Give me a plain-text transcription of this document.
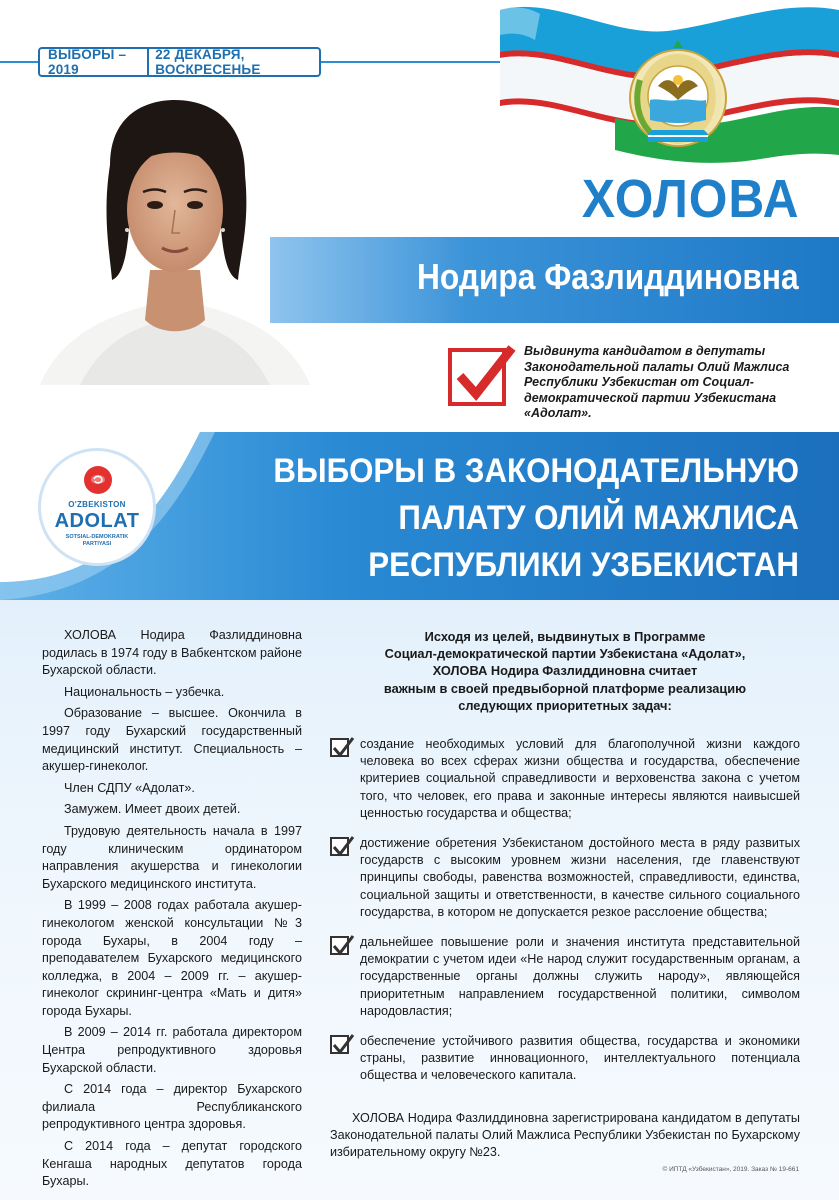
ВЫБОРЫ – 2019
22 ДЕКАБРЯ, ВОСКРЕСЕНЬЕ
ХОЛОВА
Нодира Фазлиддиновна
Выдвинута кандидатом в депутаты
Законодательной палаты Олий Мажлиса
Республики Узбекистан от Социал-
демократической партии Узбекистана
«Адолат».
ВЫБОРЫ В ЗАКОНОДАТЕЛЬНУЮ
ПАЛАТУ ОЛИЙ МАЖЛИСА
РЕСПУБЛИКИ УЗБЕКИСТАН
O'ZBEKISTON
ADOLAT
SOTSIAL-DEMOKRATIK
PARTIYASI

ХОЛОВА Нодира Фазлиддиновна родилась в 1974 году в Вабкентском районе Бухарской области.

Национальность – узбечка.

Образование – высшее. Окончила в 1997 году Бухарский государственный медицинский институт. Специальность – акушер-гинеколог.

Член СДПУ «Адолат».

Замужем. Имеет двоих детей.

Трудовую деятельность начала в 1997 году клиническим ординатором направления акушерства и гинекологии Бухарского медицинского института.

В 1999 – 2008 годах работала акушер-гинекологом женской консультации №3 города Бухары, в 2004 году – преподавателем Бухарского медицинского колледжа, в 2004 – 2009 гг. – акушер-гинеколог скрининг-центра «Мать и дитя» города Бухары.

В 2009 – 2014 гг. работала директором Центра репродуктивного здоровья Бухарской области.

С 2014 года – директор Бухарского филиала Республиканского репродуктивного центра здоровья.

С 2014 года – депутат городского Кенгаша народных депутатов города Бухары.

Исходя из целей, выдвинутых в Программе
Социал-демократической партии Узбекистана «Адолат»,
ХОЛОВА Нодира Фазлиддиновна считает
важным в своей предвыборной платформе реализацию
следующих приоритетных задач:
создание необходимых условий для благополучной жизни каждого человека во всех сферах жизни общества и государства, обеспечение критериев социальной справедливости и верховенства закона с учетом того, что человек, его права и законные интересы являются наивысшей ценностью государства и общества;
достижение обретения Узбекистаном достойного места в ряду развитых государств с высоким уровнем жизни населения, где главенствуют принципы свободы, равенства возможностей, справедливости, единства, социальной защиты и ответственности, в качестве сильного социального государства, в котором не допускается резкое расслоение общества;
дальнейшее повышение роли и значения института представительной демократии с учетом идеи «Не народ служит государственным органам, а государственные органы должны служить народу», являющейся приоритетным направлением государственной политики, символом народовластия;
обеспечение устойчивого развития общества, государства и экономики страны, развитие инновационного, интеллектуального потенциала общества и человеческого капитала.
ХОЛОВА Нодира Фазлиддиновна зарегистрирована кандидатом в депутаты Законодательной палаты Олий Мажлиса Республики Узбекистан по Бухарскому избирательному округу №23.
© ИПТД «Узбекистан», 2019. Заказ № 19-661
